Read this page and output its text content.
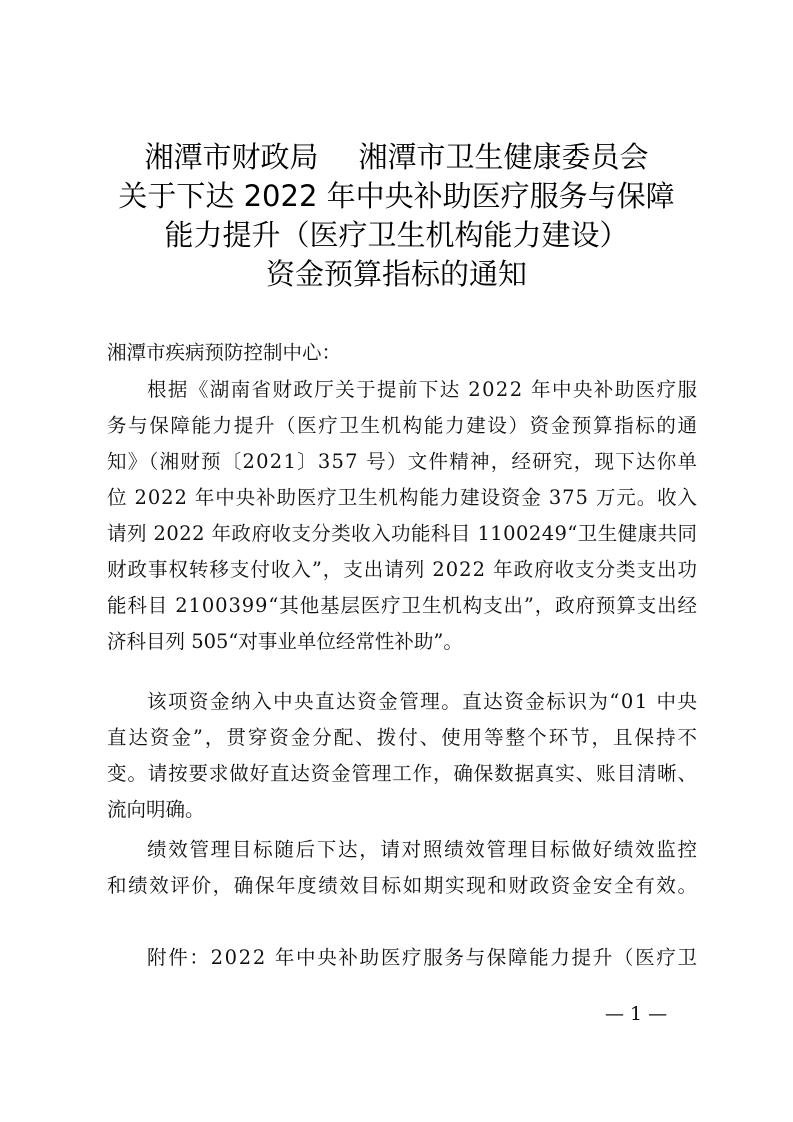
湘潭市财政局 湘潭市卫生健康委员会
关于下达 2022 年中央补助医疗服务与保障
能力提升（医疗卫生机构能力建设）
资金预算指标的通知
湘潭市疾病预防控制中心：
根据《湖南省财政厅关于提前下达 2022 年中央补助医疗服
务与保障能力提升（医疗卫生机构能力建设）资金预算指标的通
知》（湘财预〔2021〕357 号）文件精神，经研究，现下达你单
位 2022 年中央补助医疗卫生机构能力建设资金 375 万元。收入
请列 2022 年政府收支分类收入功能科目 1100249“卫生健康共同
财政事权转移支付收入”，支出请列 2022 年政府收支分类支出功
能科目 2100399“其他基层医疗卫生机构支出”，政府预算支出经
济科目列 505“对事业单位经常性补助”。
该项资金纳入中央直达资金管理。直达资金标识为“01 中央
直达资金”，贯穿资金分配、拨付、使用等整个环节，且保持不
变。请按要求做好直达资金管理工作，确保数据真实、账目清晰、
流向明确。
绩效管理目标随后下达，请对照绩效管理目标做好绩效监控
和绩效评价，确保年度绩效目标如期实现和财政资金安全有效。
附件：2022 年中央补助医疗服务与保障能力提升（医疗卫
— 1 —
